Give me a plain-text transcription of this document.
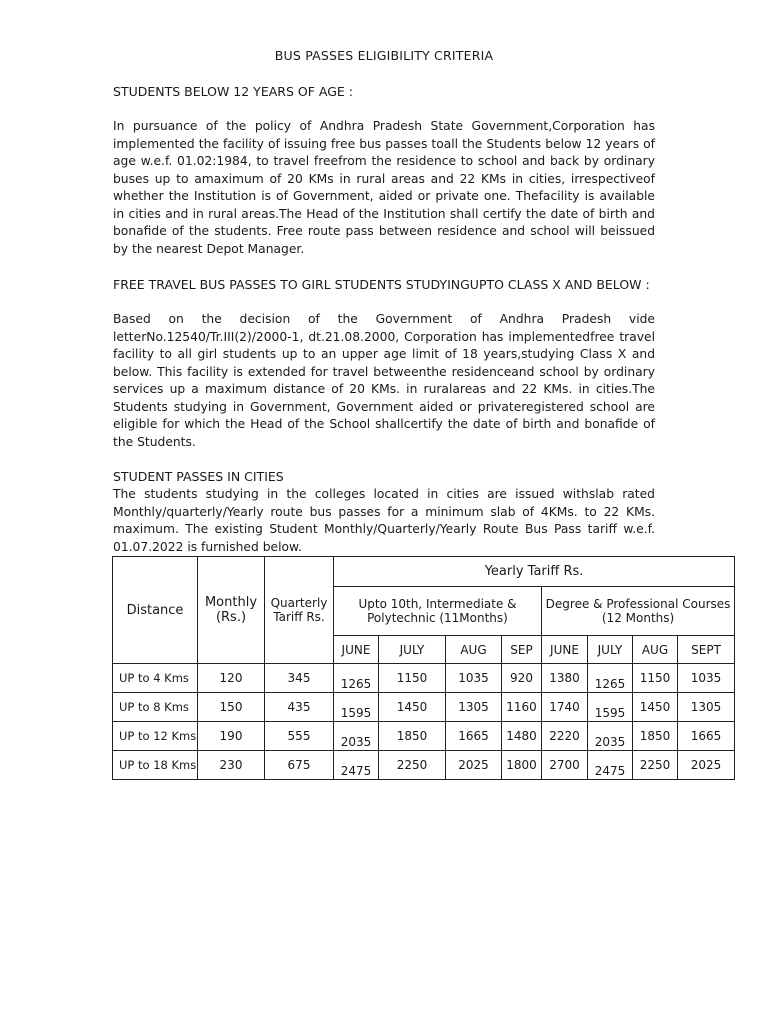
BUS PASSES ELIGIBILITY CRITERIA
STUDENTS BELOW 12 YEARS OF AGE :
In pursuance of the policy of Andhra Pradesh State Government,Corporation has implemented the facility of issuing free bus passes toall the Students below 12 years of age w.e.f. 01.02:1984, to travel freefrom the residence to school and back by ordinary buses up to amaximum of 20 KMs in rural areas and 22 KMs in cities, irrespectiveof whether the Institution is of Government, aided or private one. Thefacility is available in cities and in rural areas.The Head of the Institution shall certify the date of birth and bonafide of the students. Free route pass between residence and school will beissued by the nearest Depot Manager.
FREE TRAVEL BUS PASSES TO GIRL STUDENTS STUDYINGUPTO CLASS X AND BELOW :
Based on the decision of the Government of Andhra Pradesh vide letterNo.12540/Tr.III(2)/2000-1, dt.21.08.2000, Corporation has implementedfree travel facility to all girl students up to an upper age limit of 18 years,studying Class X and below. This facility is extended for travel betweenthe residenceand school by ordinary services up a maximum distance of 20 KMs. in ruralareas and 22 KMs. in cities.The Students studying in Government, Government aided or privateregistered school are eligible for which the Head of the School shallcertify the date of birth and bonafide of the Students.
STUDENT PASSES IN CITIES
The students studying in the colleges located in cities are issued withslab rated Monthly/quarterly/Yearly route bus passes for a minimum slab of 4KMs. to 22 KMs. maximum. The existing Student Monthly/Quarterly/Yearly Route Bus Pass tariff w.e.f. 01.07.2022 is furnished below.
Distance	Monthly (Rs.)	Quarterly Tariff Rs.	Yearly Tariff Rs.							
			Upto 10th, Intermediate & Polytechnic (11Months)				Degree & Professional Courses (12 Months)			
			JUNE	JULY	AUG	SEP	JUNE	JULY	AUG	SEPT
UP to 4 Kms	120	345	1265	1150	1035	920	1380	1265	1150	1035
UP to 8 Kms	150	435	1595	1450	1305	1160	1740	1595	1450	1305
UP to 12 Kms	190	555	2035	1850	1665	1480	2220	2035	1850	1665
UP to 18 Kms	230	675	2475	2250	2025	1800	2700	2475	2250	2025
